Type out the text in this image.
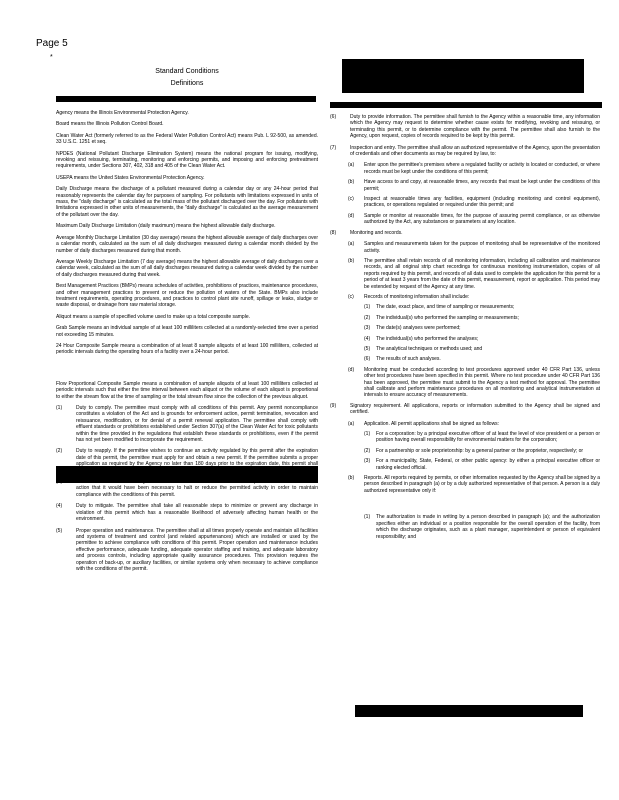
Page 5
*
Standard Conditions
Definitions

Agency means the Illinois Environmental Protection Agency.

Board means the Illinois Pollution Control Board.

Clean Water Act (formerly referred to as the Federal Water Pollution Control Act) means Pub. L 92-500, as amended. 33 U.S.C. 1251 et seq.

NPDES (National Pollutant Discharge Elimination System) means the national program for issuing, modifying, revoking and reissuing, terminating, monitoring and enforcing permits, and imposing and enforcing pretreatment requirements, under Sections 307, 402, 318 and 405 of the Clean Water Act.

USEPA means the United States Environmental Protection Agency.

Daily Discharge means the discharge of a pollutant measured during a calendar day or any 24-hour period that reasonably represents the calendar day for purposes of sampling. For pollutants with limitations expressed in units of mass, the "daily discharge" is calculated as the total mass of the pollutant discharged over the day. For pollutants with limitations expressed in other units of measurements, the "daily discharge" is calculated as the average measurement of the pollutant over the day.

Maximum Daily Discharge Limitation (daily maximum) means the highest allowable daily discharge.

Average Monthly Discharge Limitation (30 day average) means the highest allowable average of daily discharges over a calendar month, calculated as the sum of all daily discharges measured during a calendar month divided by the number of daily discharges measured during that month.

Average Weekly Discharge Limitation (7 day average) means the highest allowable average of daily discharges over a calendar week, calculated as the sum of all daily discharges measured during a calendar week divided by the number of daily discharges measured during that week.

Best Management Practices (BMPs) means schedules of activities, prohibitions of practices, maintenance procedures, and other management practices to prevent or reduce the pollution of waters of the State. BMPs also include treatment requirements, operating procedures, and practices to control plant site runoff, spillage or leaks, sludge or waste disposal, or drainage from raw material storage.

Aliquot means a sample of specified volume used to make up a total composite sample.

Grab Sample means an individual sample of at least 100 milliliters collected at a randomly-selected time over a period not exceeding 15 minutes.

24 Hour Composite Sample means a combination of at least 8 sample aliquots of at least 100 milliliters, collected at periodic intervals during the operating hours of a facility over a 24-hour period.

Flow Proportional Composite Sample means a combination of sample aliquots of at least 100 milliliters collected at periodic intervals such that either the time interval between each aliquot or the volume of each aliquot is proportional to either the stream flow at the time of sampling or the total stream flow since the collection of the previous aliquot.

(1)	Duty to comply. The permittee must comply with all conditions of this permit. Any permit noncompliance constitutes a violation of the Act and is grounds for enforcement action, permit termination, revocation and reissuance, modification, or for denial of a permit renewal application. The permittee shall comply with effluent standards or prohibitions established under Section 307(a) of the Clean Water Act for toxic pollutants within the time provided in the regulations that establish these standards or prohibitions, even if the permit has not yet been modified to incorporate the requirement.
(2)	Duty to reapply. If the permittee wishes to continue an activity regulated by this permit after the expiration date of this permit, the permittee must apply for and obtain a new permit. If the permittee submits a proper application as required by the Agency no later than 180 days prior to the expiration date, this permit shall continue in full force and effect until the final Agency decision on the application has been made.
(3)	Need to halt or reduce activity not a defense. It shall not be a defense for a permittee in an enforcement action that it would have been necessary to halt or reduce the permitted activity in order to maintain compliance with the conditions of this permit.
(4)	Duty to mitigate. The permittee shall take all reasonable steps to minimize or prevent any discharge in violation of this permit which has a reasonable likelihood of adversely affecting human health or the environment.
(5)	Proper operation and maintenance. The permittee shall at all times properly operate and maintain all facilities and systems of treatment and control (and related appurtenances) which are installed or used by the permittee to achieve compliance with conditions of this permit. Proper operation and maintenance includes effective performance, adequate funding, adequate operator staffing and training, and adequate laboratory and process controls, including appropriate quality assurance procedures. This provision requires the operation of back-up, or auxiliary facilities, or similar systems only when necessary to achieve compliance with the conditions of the permit.
(6)	Duty to provide information. The permittee shall furnish to the Agency within a reasonable time, any information which the Agency may request to determine whether cause exists for modifying, revoking and reissuing, or terminating this permit, or to determine compliance with the permit. The permittee shall also furnish to the Agency, upon request, copies of records required to be kept by this permit.
(7)	Inspection and entry. The permittee shall allow an authorized representative of the Agency, upon the presentation of credentials and other documents as may be required by law, to:
(a)	Enter upon the permittee's premises where a regulated facility or activity is located or conducted, or where records must be kept under the conditions of this permit;
(b)	Have access to and copy, at reasonable times, any records that must be kept under the conditions of this permit;
(c)	Inspect at reasonable times any facilities, equipment (including monitoring and control equipment), practices, or operations regulated or required under this permit; and
(d)	Sample or monitor at reasonable times, for the purpose of assuring permit compliance, or as otherwise authorized by the Act, any substances or parameters at any location.
(8)	Monitoring and records.
(a)	Samples and measurements taken for the purpose of monitoring shall be representative of the monitored activity.
(b)	The permittee shall retain records of all monitoring information, including all calibration and maintenance records, and all original strip chart recordings for continuous monitoring instrumentation, copies of all reports required by this permit, and records of all data used to complete the application for this permit for a period of at least 3 years from the date of this permit, measurement, report or application. This period may be extended by request of the Agency at any time.
(c)	Records of monitoring information shall include:
(1)	The date, exact place, and time of sampling or measurements;
(2)	The individual(s) who performed the sampling or measurements;
(3)	The date(s) analyses were performed;
(4)	The individual(s) who performed the analyses;
(5)	The analytical techniques or methods used; and
(6)	The results of such analyses.
(d)	Monitoring must be conducted according to test procedures approved under 40 CFR Part 136, unless other test procedures have been specified in this permit. Where no test procedure under 40 CFR Part 136 has been approved, the permittee must submit to the Agency a test method for approval. The permittee shall calibrate and perform maintenance procedures on all monitoring and analytical instrumentation at intervals to ensure accuracy of measurements.
(9)	Signatory requirement. All applications, reports or information submitted to the Agency shall be signed and certified.
(a)	Application. All permit applications shall be signed as follows:
(1)	For a corporation: by a principal executive officer of at least the level of vice president or a person or position having overall responsibility for environmental matters for the corporation;
(2)	For a partnership or sole proprietorship: by a general partner or the proprietor, respectively; or
(3)	For a municipality, State, Federal, or other public agency: by either a principal executive officer or ranking elected official.
(b)	Reports. All reports required by permits, or other information requested by the Agency shall be signed by a person described in paragraph (a) or by a duly authorized representative of that person. A person is a duly authorized representative only if:
(1)	The authorization is made in writing by a person described in paragraph (a); and the authorization specifies either an individual or a position responsible for the overall operation of the facility, from which the discharge originates, such as a plant manager, superintendent or person of equivalent responsibility; and
